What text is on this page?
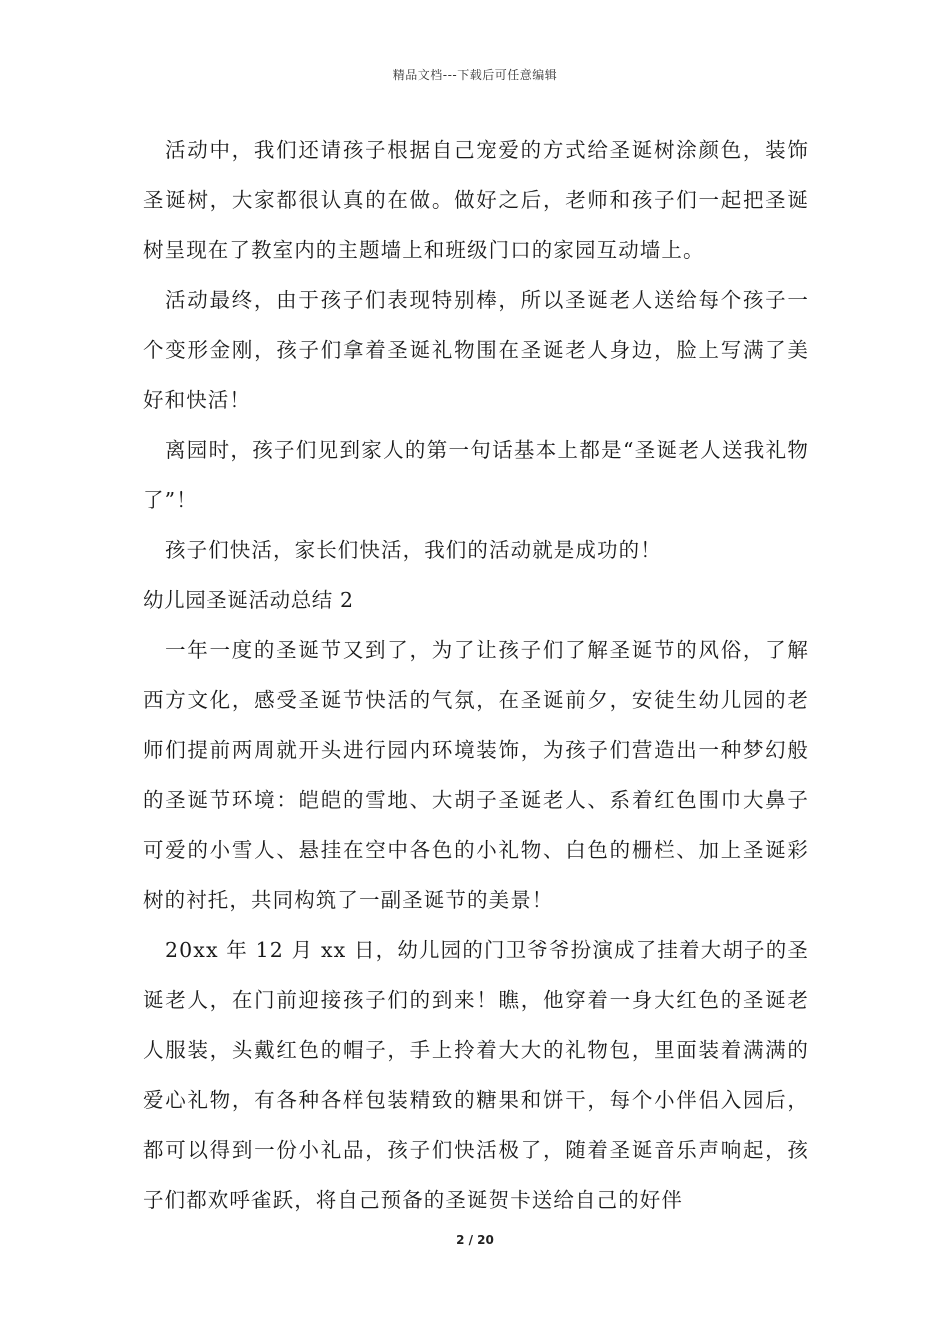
精品文档---下载后可任意编辑

活动中，我们还请孩子根据自己宠爱的方式给圣诞树涂颜色，装饰圣诞树，大家都很认真的在做。做好之后，老师和孩子们一起把圣诞树呈现在了教室内的主题墙上和班级门口的家园互动墙上。

活动最终，由于孩子们表现特别棒，所以圣诞老人送给每个孩子一个变形金刚，孩子们拿着圣诞礼物围在圣诞老人身边，脸上写满了美好和快活！

离园时，孩子们见到家人的第一句话基本上都是“圣诞老人送我礼物了”！

孩子们快活，家长们快活，我们的活动就是成功的！

幼儿园圣诞活动总结 2

一年一度的圣诞节又到了，为了让孩子们了解圣诞节的风俗，了解西方文化，感受圣诞节快活的气氛，在圣诞前夕，安徒生幼儿园的老师们提前两周就开头进行园内环境装饰，为孩子们营造出一种梦幻般的圣诞节环境：皑皑的雪地、大胡子圣诞老人、系着红色围巾大鼻子可爱的小雪人、悬挂在空中各色的小礼物、白色的栅栏、加上圣诞彩树的衬托，共同构筑了一副圣诞节的美景！

20xx 年 12 月 xx 日，幼儿园的门卫爷爷扮演成了挂着大胡子的圣诞老人，在门前迎接孩子们的到来！瞧，他穿着一身大红色的圣诞老人服装，头戴红色的帽子，手上拎着大大的礼物包，里面装着满满的爱心礼物，有各种各样包装精致的糖果和饼干，每个小伴侣入园后，都可以得到一份小礼品，孩子们快活极了，随着圣诞音乐声响起，孩子们都欢呼雀跃，将自己预备的圣诞贺卡送给自己的好伴

2 / 20
